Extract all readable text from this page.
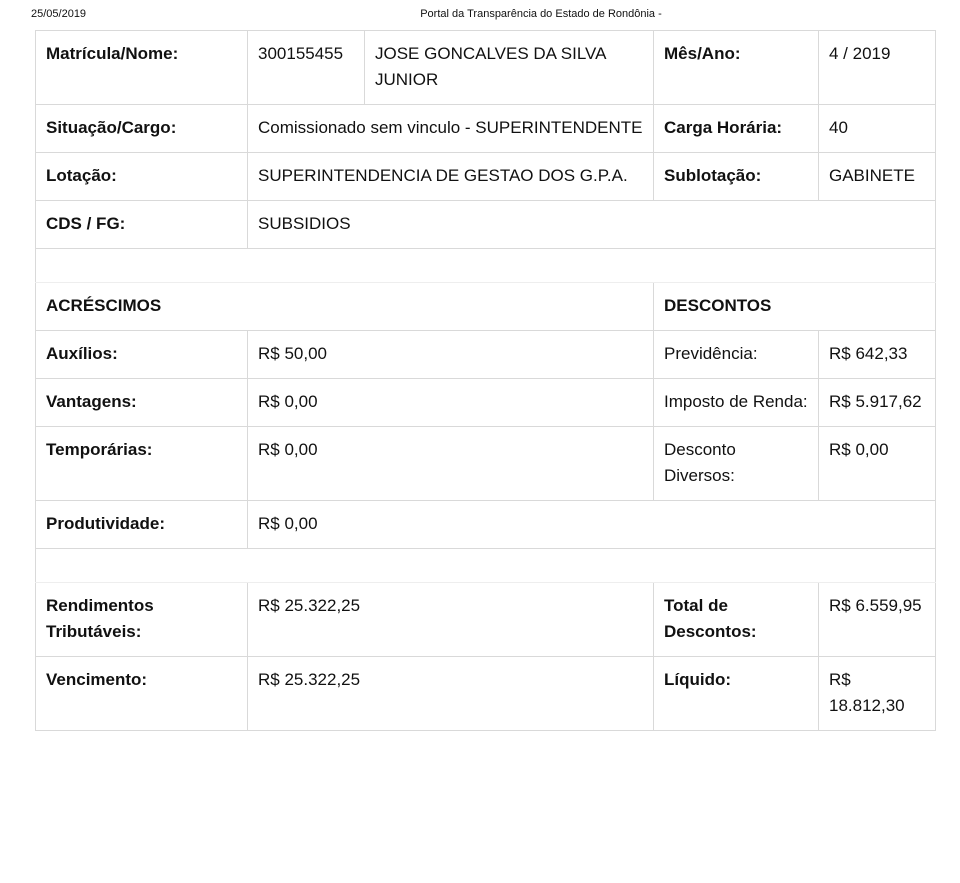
25/05/2019	Portal da Transparência do Estado de Rondônia -
Matrícula/Nome:	300155455	JOSE GONCALVES DA SILVA JUNIOR	Mês/Ano:	4 / 2019
Situação/Cargo:	Comissionado sem vinculo - SUPERINTENDENTE		Carga Horária:	40
Lotação:	SUPERINTENDENCIA DE GESTAO DOS G.P.A.		Sublotação:	GABINETE
CDS / FG:	SUBSIDIOS			

ACRÉSCIMOS			DESCONTOS	
Auxílios:	R$ 50,00		Previdência:	R$ 642,33
Vantagens:	R$ 0,00		Imposto de Renda:	R$ 5.917,62
Temporárias:	R$ 0,00		Desconto Diversos:	R$ 0,00
Produtividade:	R$ 0,00			

Rendimentos Tributáveis:	R$ 25.322,25		Total de Descontos:	R$ 6.559,95
Vencimento:	R$ 25.322,25		Líquido:	R$ 18.812,30
